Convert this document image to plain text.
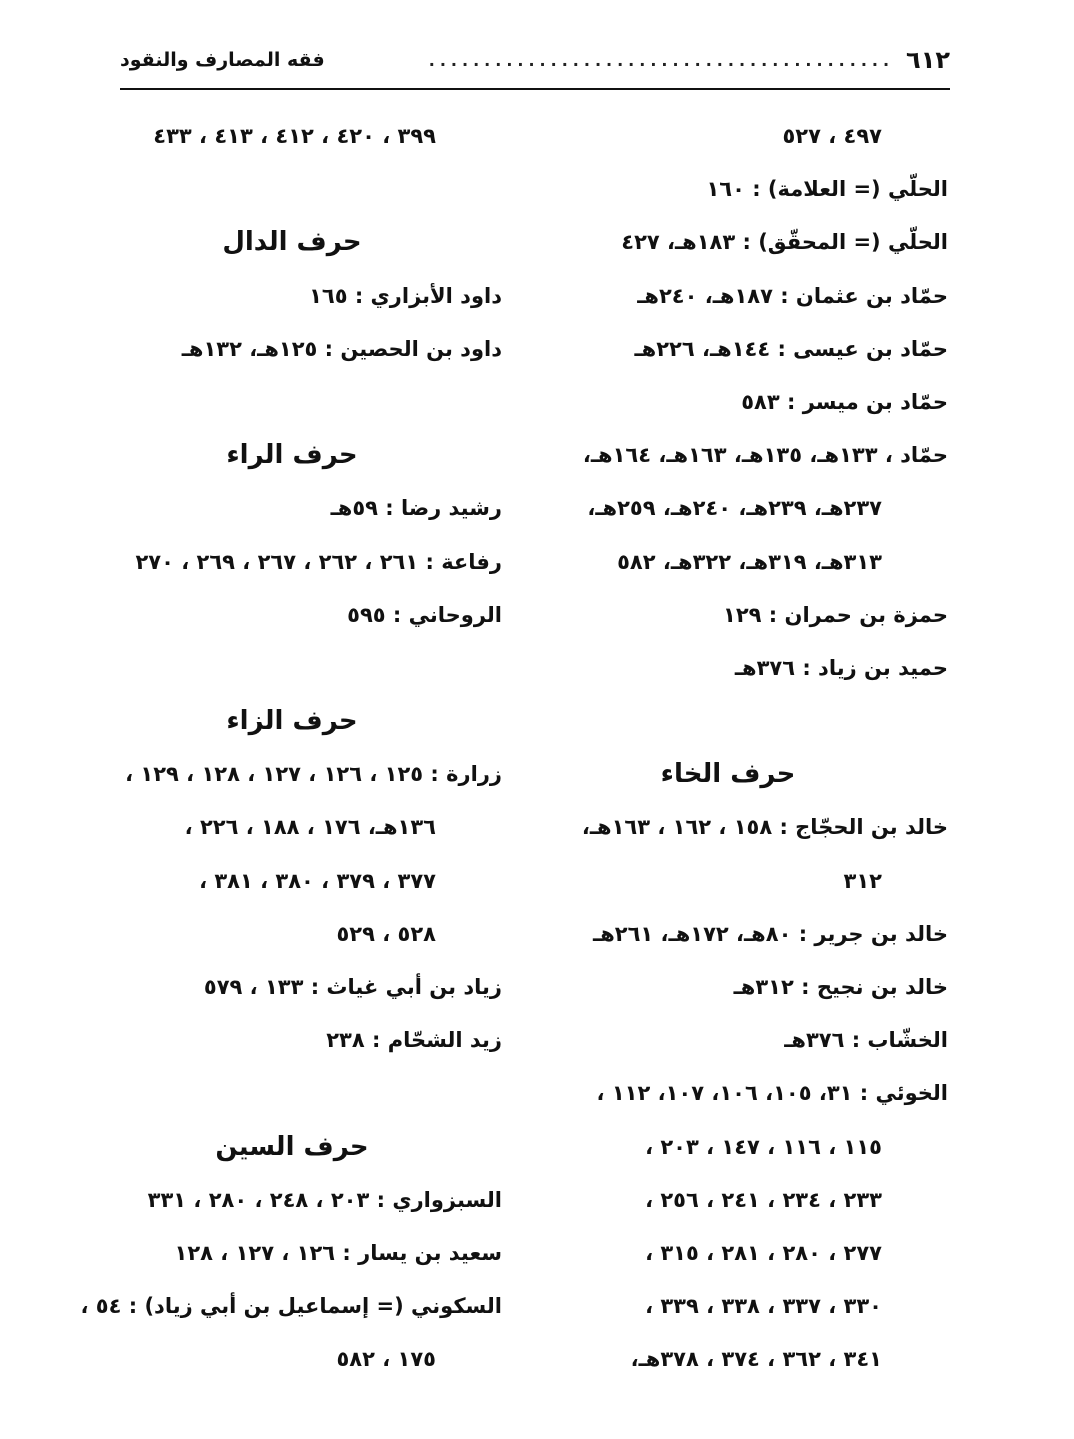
٦١٢
..........................................
فقه المصارف والنقود
٤٩٧ ، ٥٢٧
الحلّي (= العلامة) : ١٦٠
الحلّي (= المحقّق) : ١٨٣هـ، ٤٢٧
حمّاد بن عثمان : ١٨٧هـ، ٢٤٠هـ
حمّاد بن عيسى : ١٤٤هـ، ٢٢٦هـ
حمّاد بن ميسر : ٥٨٣
حمّاد ، ١٣٣هـ، ١٣٥هـ، ١٦٣هـ، ١٦٤هـ،
٢٣٧هـ، ٢٣٩هـ، ٢٤٠هـ، ٢٥٩هـ،
٣١٣هـ، ٣١٩هـ، ٣٢٢هـ، ٥٨٢
حمزة بن حمران : ١٢٩
حميد بن زياد : ٣٧٦هـ
حرف الخاء
خالد بن الحجّاج : ١٥٨ ، ١٦٢ ، ١٦٣هـ،
٣١٢
خالد بن جرير : ٨٠هـ، ١٧٢هـ، ٢٦١هـ
خالد بن نجيح : ٣١٢هـ
الخشّاب : ٣٧٦هـ
الخوئي : ٣١، ١٠٥، ١٠٦، ١٠٧، ١١٢ ،
١١٥ ، ١١٦ ، ١٤٧ ، ٢٠٣ ،
٢٣٣ ، ٢٣٤ ، ٢٤١ ، ٢٥٦ ،
٢٧٧ ، ٢٨٠ ، ٢٨١ ، ٣١٥ ،
٣٣٠ ، ٣٣٧ ، ٣٣٨ ، ٣٣٩ ،
٣٤١ ، ٣٦٢ ، ٣٧٤ ، ٣٧٨هـ،
٣٩٩ ، ٤٢٠ ، ٤١٢ ، ٤١٣ ، ٤٣٣
حرف الدال
داود الأبزاري : ١٦٥
داود بن الحصين : ١٢٥هـ، ١٣٢هـ
حرف الراء
رشيد رضا : ٥٩هـ
رفاعة : ٢٦١ ، ٢٦٢ ، ٢٦٧ ، ٢٦٩ ، ٢٧٠
الروحاني : ٥٩٥
حرف الزاء
زرارة : ١٢٥ ، ١٢٦ ، ١٢٧ ، ١٢٨ ، ١٢٩ ،
١٣٦هـ، ١٧٦ ، ١٨٨ ، ٢٢٦ ،
٣٧٧ ، ٣٧٩ ، ٣٨٠ ، ٣٨١ ،
٥٢٨ ، ٥٢٩
زياد بن أبي غياث : ١٣٣ ، ٥٧٩
زيد الشحّام : ٢٣٨
حرف السين
السبزواري : ٢٠٣ ، ٢٤٨ ، ٢٨٠ ، ٣٣١
سعيد بن يسار : ١٢٦ ، ١٢٧ ، ١٢٨
السكوني (= إسماعيل بن أبي زياد) : ٥٤ ،
١٧٥ ، ٥٨٢
